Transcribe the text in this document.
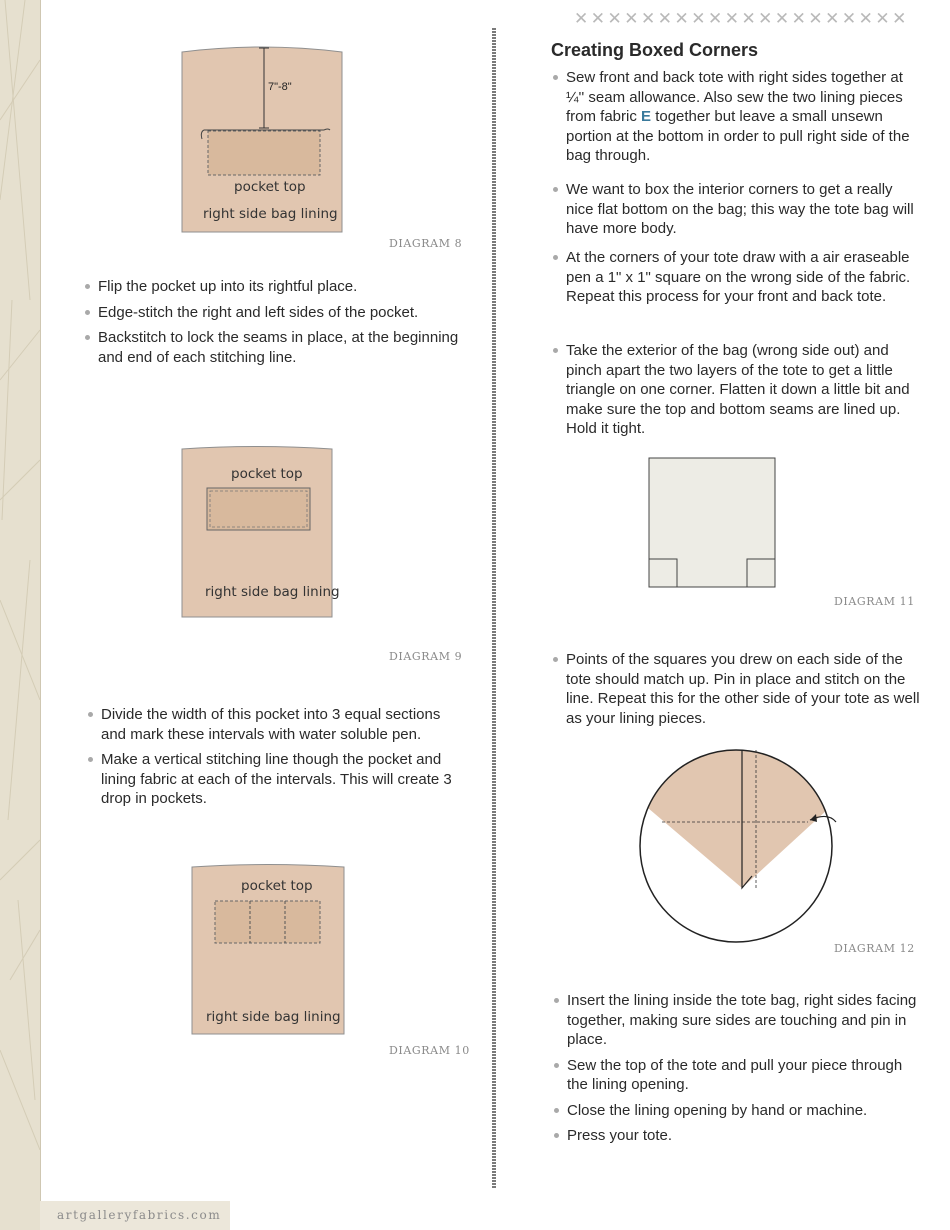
artgalleryfabrics.com
✕✕✕✕✕✕✕✕✕✕✕✕✕✕✕✕✕✕✕✕
7"-8"
pocket top
right side bag lining
DIAGRAM 8
Flip the pocket up into its rightful place.
Edge-stitch the right and left sides of the pocket.
Backstitch to lock the seams in place, at the beginning and end of each stitching line.
pocket top
right side bag lining
DIAGRAM 9
Divide the width of this pocket into 3 equal sections and mark these intervals with water soluble pen.
Make a vertical stitching line though the pocket and lining fabric at each of the intervals. This will create 3 drop in pockets.
pocket top
right side bag lining
DIAGRAM 10
Creating Boxed Corners
Sew front and back tote with right sides together at ¼'' seam allowance. Also sew the two lining pieces from fabric E together but leave a small unsewn portion at the bottom in order to pull right side of the bag through.
We want to box the interior corners to get a really nice flat bottom on the bag; this way the tote bag will have more body.
At the corners of your tote draw with a air eraseable pen a 1" x 1" square on the wrong side of the fabric. Repeat this process for your front and back tote.
Take the exterior of the bag (wrong side out) and pinch apart the two layers of the tote to get a little triangle on one corner. Flatten it down a little bit and make sure the top and bottom seams are lined up. Hold it tight.
DIAGRAM 11
Points of the squares you drew on each side of the tote should match up. Pin in place and stitch on the line. Repeat this for the other side of your tote as well as your lining pieces.
DIAGRAM 12
Insert the lining inside the tote bag, right sides facing together, making sure sides are touching and pin in place.
Sew the top of the tote and pull your piece through the lining opening.
Close the lining opening by hand or machine.
Press your tote.
